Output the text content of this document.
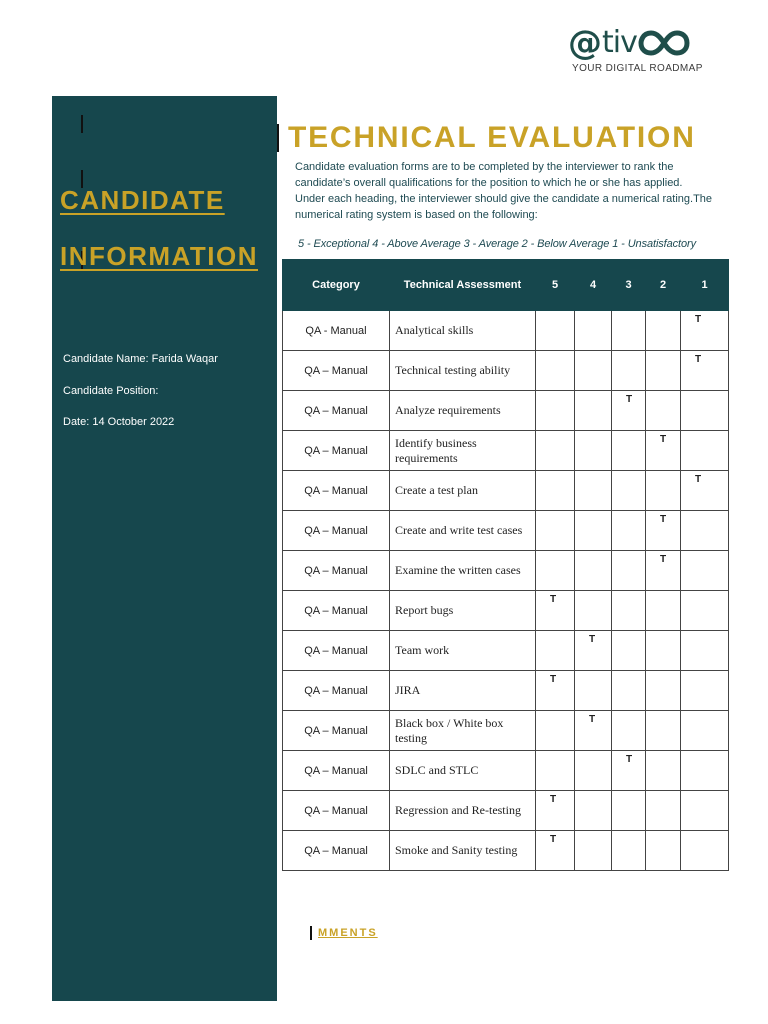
@ tiv
YOUR DIGITAL ROADMAP
CANDIDATE
INFORMATION
Candidate Name: Farida Waqar
Candidate Position:
Date: 14 October 2022
TECHNICAL EVALUATION
Candidate evaluation forms are to be completed by the interviewer to rank the candidate’s overall qualifications for the position to which he or she has applied. Under each heading, the interviewer should give the candidate a numerical rating.The numerical rating system is based on the following:
5 - Exceptional 4 - Above Average 3 - Average 2 - Below Average 1 - Unsatisfactory
Category	Technical Assessment	5	4	3	2	1
QA - Manual	Analytical skills					T

QA – Manual	Technical testing ability					T

QA – Manual	Analyze requirements			T		

QA – Manual	Identify business requirements				T	

QA – Manual	Create a test plan					T

QA – Manual	Create and write test cases				T	

QA – Manual	Examine the written cases				T	

QA – Manual	Report bugs	T				

QA – Manual	Team work		T			

QA – Manual	JIRA	T				

QA – Manual	Black box / White box testing		T			

QA – Manual	SDLC and STLC			T		

QA – Manual	Regression and Re-testing	T				

QA – Manual	Smoke and Sanity testing	T				

MMENTS
